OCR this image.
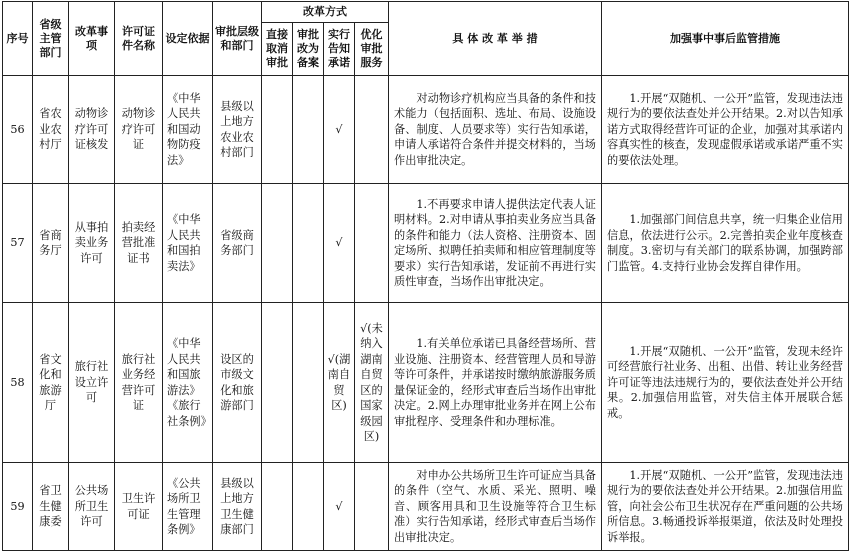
序号	省级主管部门	改革事项	许可证件名称	设定依据	审批层级和部门	改革方式				具 体 改 革 举 措	加强事中事后监管措施
						直接取消审批	审批改为备案	实行告知承诺	优化审批服务		
56	省农业农村厅	动物诊疗许可证核发	动物诊疗许可证	《中华人民共和国动物防疫法》	县级以上地方农业农村部门			√		对动物诊疗机构应当具备的条件和技术能力（包括面积、选址、布局、设施设备、制度、人员要求等）实行告知承诺，申请人承诺符合条件并提交材料的，当场作出审批决定。	1.开展“双随机、一公开”监管，发现违法违规行为的要依法查处并公开结果。2.对以告知承诺方式取得经营许可证的企业，加强对其承诺内容真实性的核查，发现虚假承诺或承诺严重不实的要依法处理。
57	省商务厅	从事拍卖业务许可	拍卖经营批准证书	《中华人民共和国拍卖法》	省级商务部门			√		1.不再要求申请人提供法定代表人证明材料。2.对申请从事拍卖业务应当具备的条件和能力（法人资格、注册资本、固定场所、拟聘任拍卖师和相应管理制度等要求）实行告知承诺，发证前不再进行实质性审查，当场作出审批决定。	1.加强部门间信息共享，统一归集企业信用信息，依法进行公示。2.完善拍卖企业年度核查制度。3.密切与有关部门的联系协调，加强跨部门监管。4.支持行业协会发挥自律作用。
58	省文化和旅游厅	旅行社设立许可	旅行社业务经营许可证	《中华人民共和国旅游法》《旅行社条例》	设区的市级文化和旅游部门			√(湖南自贸区)	√(未纳入湖南自贸区的国家级园区)	1.有关单位承诺已具备经营场所、营业设施、注册资本、经营管理人员和导游等许可条件，并承诺按时缴纳旅游服务质量保证金的，经形式审查后当场作出审批决定。2.网上办理审批业务并在网上公布审批程序、受理条件和办理标准。	1.开展“双随机、一公开”监管，发现未经许可经营旅行社业务、出租、出借、转让业务经营许可证等违法违规行为的，要依法查处并公开结果。2.加强信用监管，对失信主体开展联合惩戒。
59	省卫生健康委	公共场所卫生许可	卫生许可证	《公共场所卫生管理条例》	县级以上地方卫生健康部门			√		对申办公共场所卫生许可证应当具备的条件（空气、水质、采光、照明、噪音、顾客用具和卫生设施等符合卫生标准）实行告知承诺，经形式审查后当场作出审批决定。	1.开展“双随机、一公开”监管，发现违法违规行为的要依法查处并公开结果。2.加强信用监管，向社会公布卫生状况存在严重问题的公共场所信息。3.畅通投诉举报渠道，依法及时处理投诉举报。
